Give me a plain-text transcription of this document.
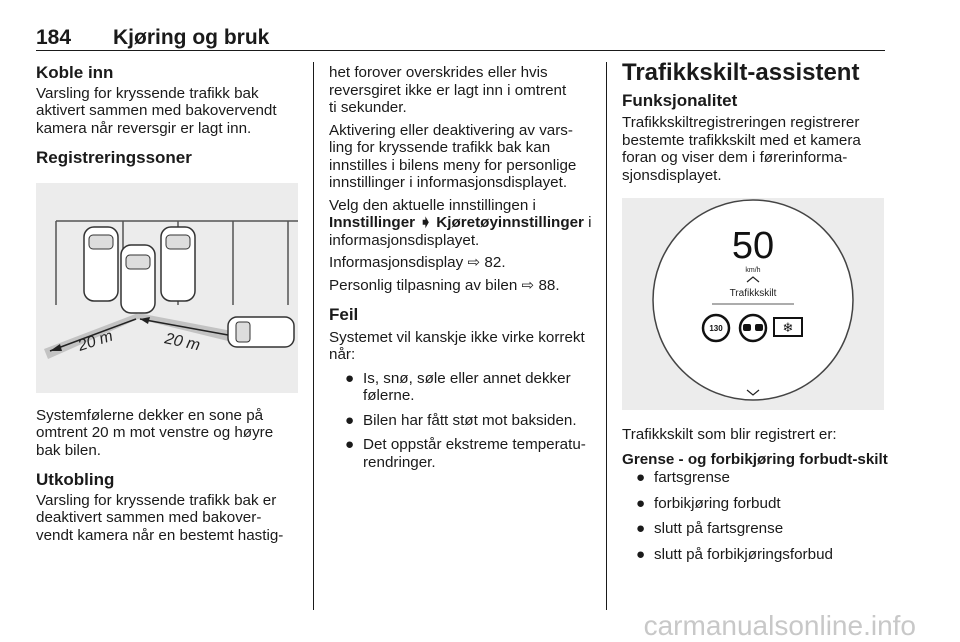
184 Kjøring og bruk

Koble inn

Varsling for kryssende trafikk bak
aktivert sammen med bakovervendt
kamera når reversgir er lagt inn.

Registreringssoner

20 m	20 m

Systemfølerne dekker en sone på
omtrent 20 m mot venstre og høyre
bak bilen.

Utkobling

Varsling for kryssende trafikk bak er
deaktivert sammen med bakover-
vendt kamera når en bestemt hastig-

het forover overskrides eller hvis
reversgiret ikke er lagt inn i omtrent
ti sekunder.

Aktivering eller deaktivering av vars-
ling for kryssende trafikk bak kan
innstilles i bilens meny for personlige
innstillinger i informasjonsdisplayet.

Velg den aktuelle innstillingen i
Innstillinger ➧ Kjøretøyinnstillinger i
informasjonsdisplayet.

Informasjonsdisplay ⇨ 82.

Personlig tilpasning av bilen ⇨ 88.

Feil

Systemet vil kanskje ikke virke korrekt
når:

● Is, snø, søle eller annet dekker
følerne.
● Bilen har fått støt mot baksiden.
● Det oppstår ekstreme temperatu-
rendringer.

Trafikkskilt-assistent

Funksjonalitet

Trafikkskiltregistreringen registrerer
bestemte trafikkskilt med et kamera
foran og viser dem i førerinforma-
sjonsdisplayet.

50
km/h
Trafikkskilt
130	❄

Trafikkskilt som blir registrert er:

Grense - og forbikjøring forbudt-skilt

● fartsgrense
● forbikjøring forbudt
● slutt på fartsgrense
● slutt på forbikjøringsforbud
carmanualsonline.info
